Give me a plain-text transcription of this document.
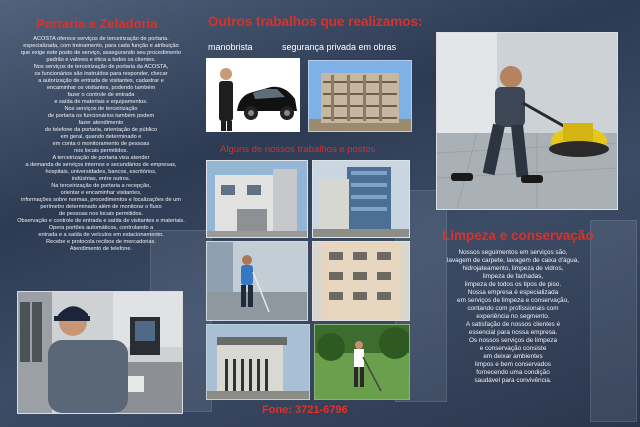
Portaria e Zeladoria
ACOSTA oferece serviços de terceirização de portaria.
especializada, com treinamento, para cada função e atribuição
que exige este posto de serviço, assegurando seu procedimento
padrão e valores e ética a todos os clientes.
Nos serviços de terceirização de portaria da ACOSTA,
os funcionários são instruídos para responder, checar
a autorização de entrada de visitantes, cadastrar e
encaminhar os visitantes, podendo também
fazer o controle de entrada
e saída de materiais e equipamentos.
Nos serviços de terceirização
de portaria os funcionários também podem
fazer atendimento
do telefone da portaria, orientação de público
em geral, quando determinado e
em conta o monitoramento de pessoas
nos locais permitidos.
A terceirização de portaria visa atender
a demanda de serviços internos e secundários de empresas,
hospitais, universidades, bancos, escritórios,
indústrias, entre outros.
Na terceirização de portaria a recepção,
orientar e encaminhar visitantes,
informações sobre normas, procedimentos e localizações de um
perímetro determinado além de monitorar o fluxo
de pessoas nos locais permitidos.
Observação e controle de entrada e saída de visitantes e materiais.
Opera portões automáticos, controlando a
entrada e a saída de veículos em estacionamento.
Recebe e protocola recibos de mercadorias.
Atendimento de telefone.
Outros trabalhos que realizamos:
manobrista	segurança privada em obras
Alguns de nossos trabalhos e postos
Fone: 3721-6796
Limpeza e conservação
Nossos seguimentos em serviços são,
lavagem de carpete, lavagem de caixa d'água,
hidrojateamento, limpeza de vidros,
limpeza de fachadas,
limpeza de todos os tipos de piso.
Nossa empresa é especializada
em serviços de limpeza e conservação,
contando com profissionais com
experiência no segmento.
A satisfação de nossos clientes é
essencial para nossa empresa.
Os nossos serviços de limpeza
e conservação consiste
em deixar ambientes
limpos e bem conservados
fornecendo uma condição
saudável para convivência.
